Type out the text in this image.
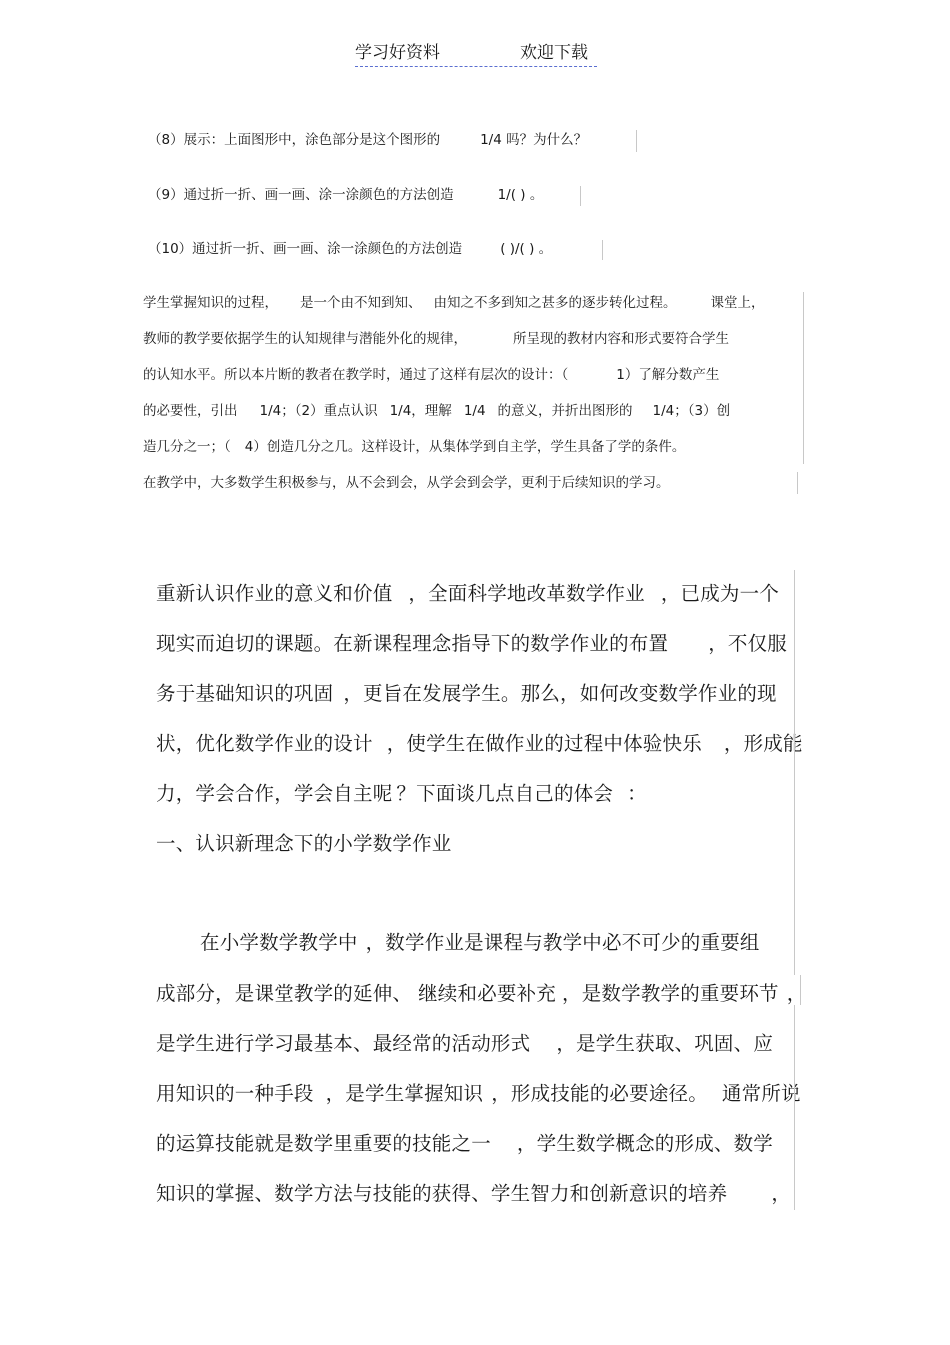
学习好资料	欢迎下载
（8）展示：上面图形中，涂色部分是这个图形的	1/4 吗？为什么？
（9）通过折一折、画一画、涂一涂颜色的方法创造	1/( ) 。
（10）通过折一折、画一画、涂一涂颜色的方法创造	( )/( ) 。
学生掌握知识的过程， 是一个由不知到知、 由知之不多到知之甚多的逐步转化过程。	课堂上，
教师的教学要依据学生的认知规律与潜能外化的规律，	所呈现的教材内容和形式要符合学生
的认知水平。所以本片断的教者在教学时，通过了这样有层次的设计：（	1）了解分数产生
的必要性，引出 1/4；（2）重点认识 1/4，理解 1/4 的意义，并折出图形的 1/4；（3）创
造几分之一；（ 4）创造几分之几。这样设计，从集体学到自主学，学生具备了学的条件。
在教学中，大多数学生积极参与，从不会到会，从学会到会学，更利于后续知识的学习。
重新认识作业的意义和价值 ，全面科学地改革数学作业 ，已成为一个
现实而迫切的课题。在新课程理念指导下的数学作业的布置 ，不仅服
务于基础知识的巩固 ，更旨在发展学生。那么，如何改变数学作业的现
状，优化数学作业的设计 ，使学生在做作业的过程中体验快乐 ，形成能
力，学会合作，学会自主呢 ？下面谈几点自己的体会 ：
一、认识新理念下的小学数学作业
在小学数学教学中 ，数学作业是课程与教学中必不可少的重要组
成部分，是课堂教学的延伸、 继续和必要补充 ，是数学教学的重要环节 ，
是学生进行学习最基本、最经常的活动形式 ，是学生获取、巩固、应
用知识的一种手段 ，是学生掌握知识 ，形成技能的必要途径。 通常所说
的运算技能就是数学里重要的技能之一 ，学生数学概念的形成、数学
知识的掌握、数学方法与技能的获得、学生智力和创新意识的培养 ，
